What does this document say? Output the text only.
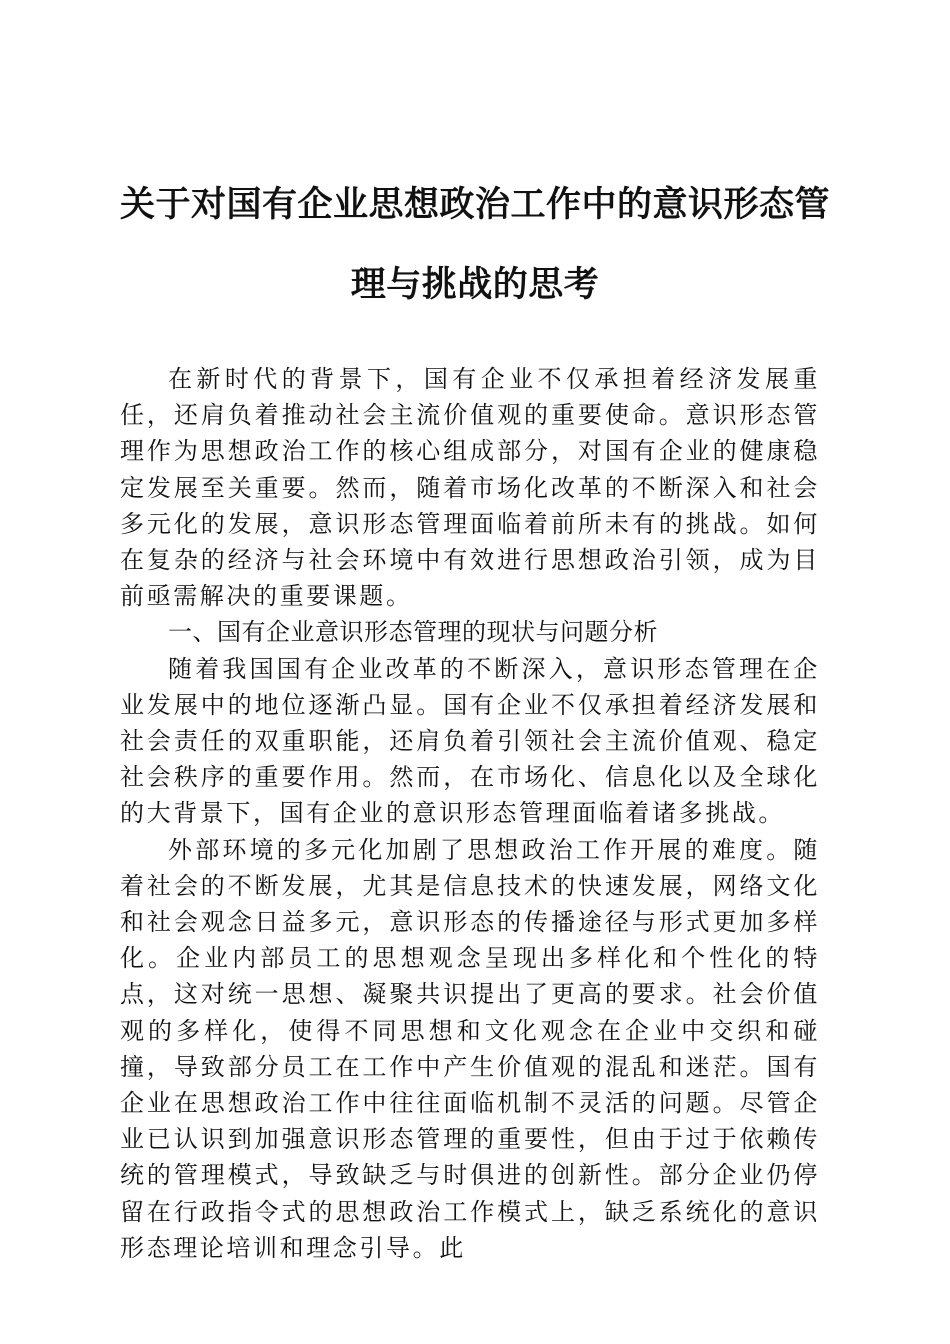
关于对国有企业思想政治工作中的意识形态管
理与挑战的思考

在新时代的背景下，国有企业不仅承担着经济发展重任，还肩负着推动社会主流价值观的重要使命。意识形态管理作为思想政治工作的核心组成部分，对国有企业的健康稳定发展至关重要。然而，随着市场化改革的不断深入和社会多元化的发展，意识形态管理面临着前所未有的挑战。如何在复杂的经济与社会环境中有效进行思想政治引领，成为目前亟需解决的重要课题。

一、国有企业意识形态管理的现状与问题分析

随着我国国有企业改革的不断深入，意识形态管理在企业发展中的地位逐渐凸显。国有企业不仅承担着经济发展和社会责任的双重职能，还肩负着引领社会主流价值观、稳定社会秩序的重要作用。然而，在市场化、信息化以及全球化的大背景下，国有企业的意识形态管理面临着诸多挑战。

外部环境的多元化加剧了思想政治工作开展的难度。随着社会的不断发展，尤其是信息技术的快速发展，网络文化和社会观念日益多元，意识形态的传播途径与形式更加多样化。企业内部员工的思想观念呈现出多样化和个性化的特点，这对统一思想、凝聚共识提出了更高的要求。社会价值观的多样化，使得不同思想和文化观念在企业中交织和碰撞，导致部分员工在工作中产生价值观的混乱和迷茫。国有企业在思想政治工作中往往面临机制不灵活的问题。尽管企业已认识到加强意识形态管理的重要性，但由于过于依赖传统的管理模式，导致缺乏与时俱进的创新性。部分企业仍停留在行政指令式的思想政治工作模式上，缺乏系统化的意识形态理论培训和理念引导。此
